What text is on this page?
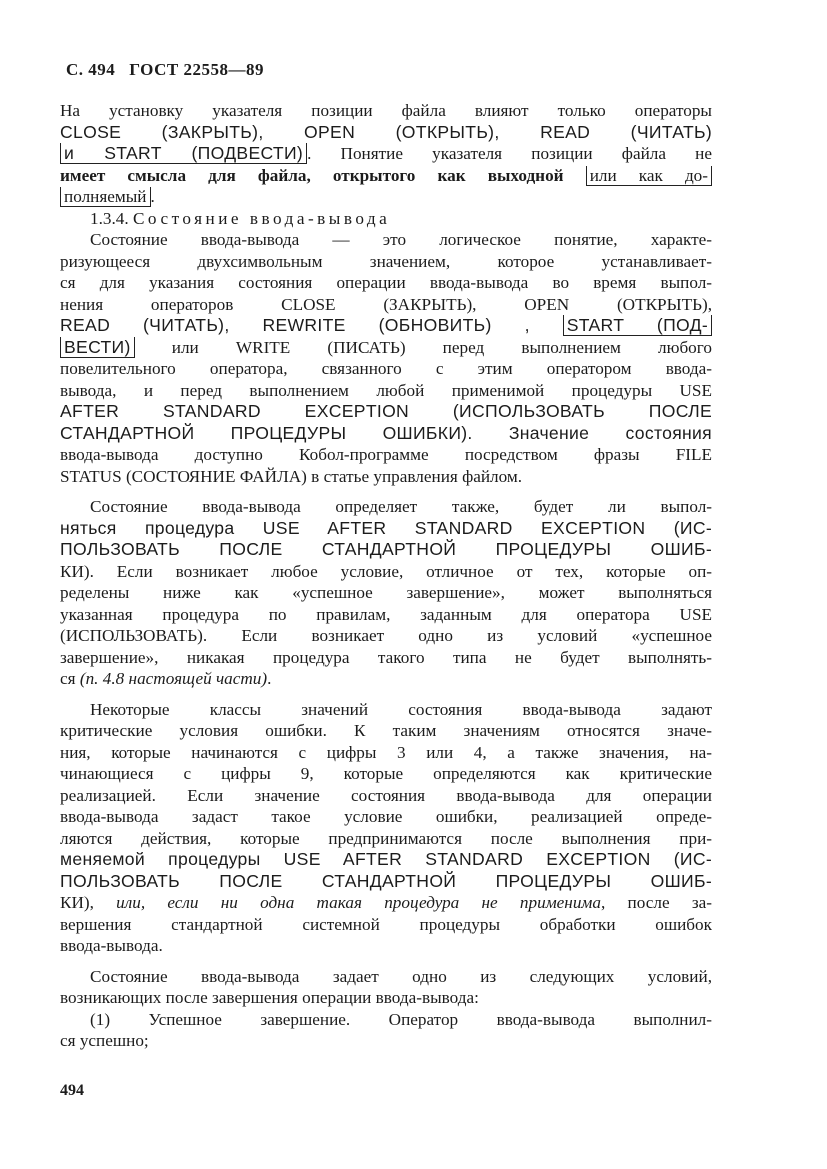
С. 494 ГОСТ 22558—89
На установку указателя позиции файла влияют только операторы
CLOSE (ЗАКРЫТЬ), OPEN (ОТКРЫТЬ), READ (ЧИТАТЬ)
и START (ПОДВЕСТИ) . Понятие указателя позиции файла не
имеет смысла для файла, открытого как выходной или как до-
полняемый .
1.3.4. Состояние ввода-вывода
Состояние ввода-вывода — это логическое понятие, характе-
ризующееся двухсимвольным значением, которое устанавливает-
ся для указания состояния операции ввода-вывода во время выпол-
нения операторов CLOSE (ЗАКРЫТЬ), OPEN (ОТКРЫТЬ),
READ (ЧИТАТЬ), REWRITE (ОБНОВИТЬ) , START (ПОД-
ВЕСТИ) или WRITE (ПИСАТЬ) перед выполнением любого
повелительного оператора, связанного с этим оператором ввода-
вывода, и перед выполнением любой применимой процедуры USE
AFTER STANDARD EXCEPTION (ИСПОЛЬЗОВАТЬ ПОСЛЕ
СТАНДАРТНОЙ ПРОЦЕДУРЫ ОШИБКИ). Значение состояния
ввода-вывода доступно Кобол-программе посредством фразы FILE
STATUS (СОСТОЯНИЕ ФАЙЛА) в статье управления файлом.
Состояние ввода-вывода определяет также, будет ли выпол-
няться процедура USE AFTER STANDARD EXCEPTION (ИС-
ПОЛЬЗОВАТЬ ПОСЛЕ СТАНДАРТНОЙ ПРОЦЕДУРЫ ОШИБ-
КИ). Если возникает любое условие, отличное от тех, которые оп-
ределены ниже как «успешное завершение», может выполняться
указанная процедура по правилам, заданным для оператора USE
(ИСПОЛЬЗОВАТЬ). Если возникает одно из условий «успешное
завершение», никакая процедура такого типа не будет выполнять-
ся (п. 4.8 настоящей части).
Некоторые классы значений состояния ввода-вывода задают
критические условия ошибки. К таким значениям относятся значе-
ния, которые начинаются с цифры 3 или 4, а также значения, на-
чинающиеся с цифры 9, которые определяются как критические
реализацией. Если значение состояния ввода-вывода для операции
ввода-вывода задаст такое условие ошибки, реализацией опреде-
ляются действия, которые предпринимаются после выполнения при-
меняемой процедуры USE AFTER STANDARD EXCEPTION (ИС-
ПОЛЬЗОВАТЬ ПОСЛЕ СТАНДАРТНОЙ ПРОЦЕДУРЫ ОШИБ-
КИ), или, если ни одна такая процедура не применима, после за-
вершения стандартной системной процедуры обработки ошибок
ввода-вывода.
Состояние ввода-вывода задает одно из следующих условий,
возникающих после завершения операции ввода-вывода:
(1) Успешное завершение. Оператор ввода-вывода выполнил-
ся успешно;
494
